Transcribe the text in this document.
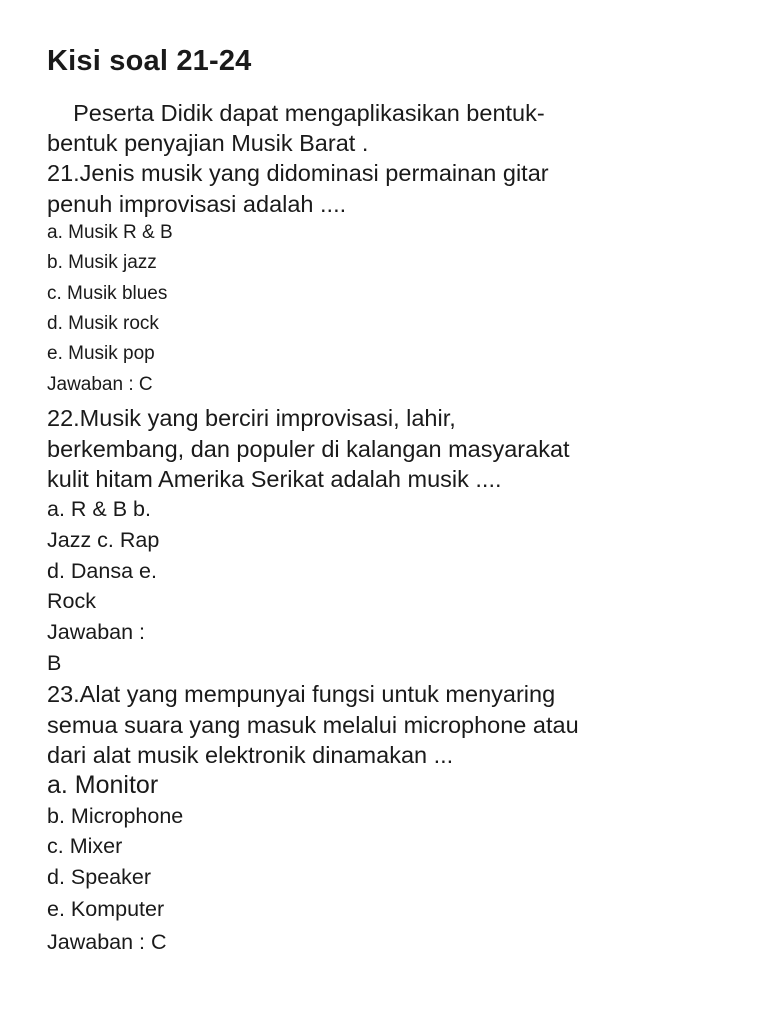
Kisi soal 21-24
Peserta Didik dapat mengaplikasikan bentuk-
bentuk penyajian Musik Barat .
21.Jenis musik yang didominasi permainan gitar
penuh improvisasi adalah ....
a. Musik R & B
b. Musik jazz
c. Musik blues
d. Musik rock
e. Musik pop
Jawaban : C
22.Musik yang berciri improvisasi, lahir,
berkembang, dan populer di kalangan masyarakat
kulit hitam Amerika Serikat adalah musik ....
a. R & B b.
Jazz c. Rap
d. Dansa e.
Rock
Jawaban :
B
23.Alat yang mempunyai fungsi untuk menyaring
semua suara yang masuk melalui microphone atau
dari alat musik elektronik dinamakan ...
a. Monitor
b. Microphone
c. Mixer
d. Speaker
e. Komputer
Jawaban : C
